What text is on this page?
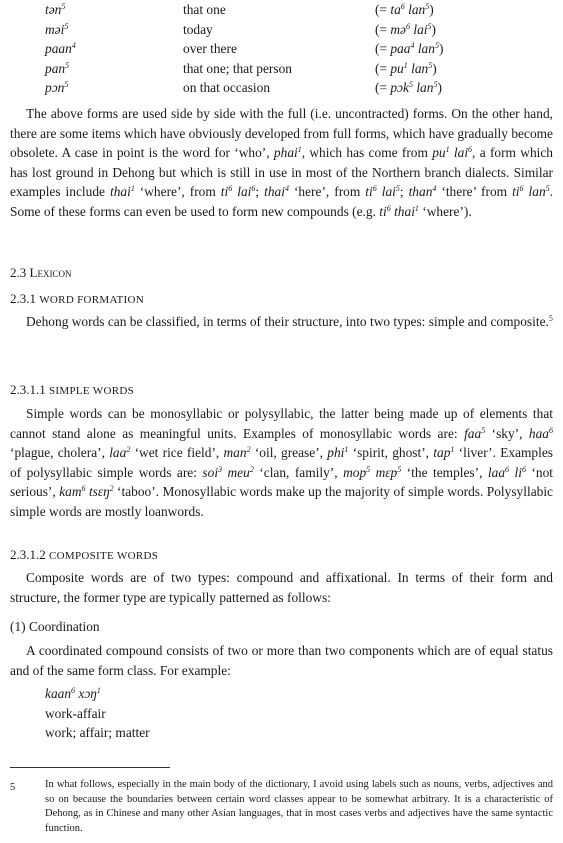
tən$^5$	that one	(= $ta^6$ lan$^5$)
məi$^5$	today	(= mə$^6$ lai$^5$)
paan$^4$	over there	(= paa$^4$ lan$^5$)
pan$^5$	that one; that person	(= $pu^1$ lan$^5$)
pɔn$^5$	on that occasion	(= pɔk$^5$ lan$^5$)

The above forms are used side by side with the full (i.e. uncontracted) forms. On the other hand, there are some items which have obviously developed from full forms, which have gradually become obsolete. A case in point is the word for ‘who’, phai$^1$, which has come from $pu^1$ lai$^6$, a form which has lost ground in Dehong but which is still in use in most of the Northern branch dialects. Similar examples include thai$^1$ ‘where’, from $ti^6$ lai$^6$; thai$^4$ ‘here’, from $ti^6$ lai$^5$; than$^4$ ‘there’ from $ti^6$ lan$^5$. Some of these forms can even be used to form new compounds (e.g. $ti^6$ thai$^1$ ‘where’).

2.3 Lexicon
2.3.1 WORD FORMATION

Dehong words can be classified, in terms of their structure, into two types: simple and composite.$^5$

2.3.1.1 SIMPLE WORDS

Simple words can be monosyllabic or polysyllabic, the latter being made up of elements that cannot stand alone as meaningful units. Examples of monosyllabic words are: faa$^5$ ‘sky’, haa$^6$ ‘plague, cholera’, laa$^2$ ‘wet rice field’, man$^2$ ‘oil, grease’, phi$^1$ ‘spirit, ghost’, tap$^1$ ‘liver’. Examples of polysyllabic simple words are: soi$^3$ meu$^2$ ‘clan, family’, mop$^5$ mɛp$^5$ ‘the temples’, laa$^6$ $li^6$ ‘not serious’, kam$^6$ tsɛŋ$^2$ ‘taboo’. Monosyllabic words make up the majority of simple words. Polysyllabic simple words are mostly loanwords.

2.3.1.2 COMPOSITE WORDS

Composite words are of two types: compound and affixational. In terms of their form and structure, the former type are typically patterned as follows:

(1) Coordination

A coordinated compound consists of two or more than two components which are of equal status and of the same form class. For example:

kaan$^6$ xɔŋ$^1$
work-affair
work; affair; matter
5	In what follows, especially in the main body of the dictionary, I avoid using labels such as nouns, verbs, adjectives and so on because the boundaries between certain word classes appear to be somewhat arbitrary. It is a characteristic of Dehong, as in Chinese and many other Asian languages, that in most cases verbs and adjectives have the same syntactic function.
